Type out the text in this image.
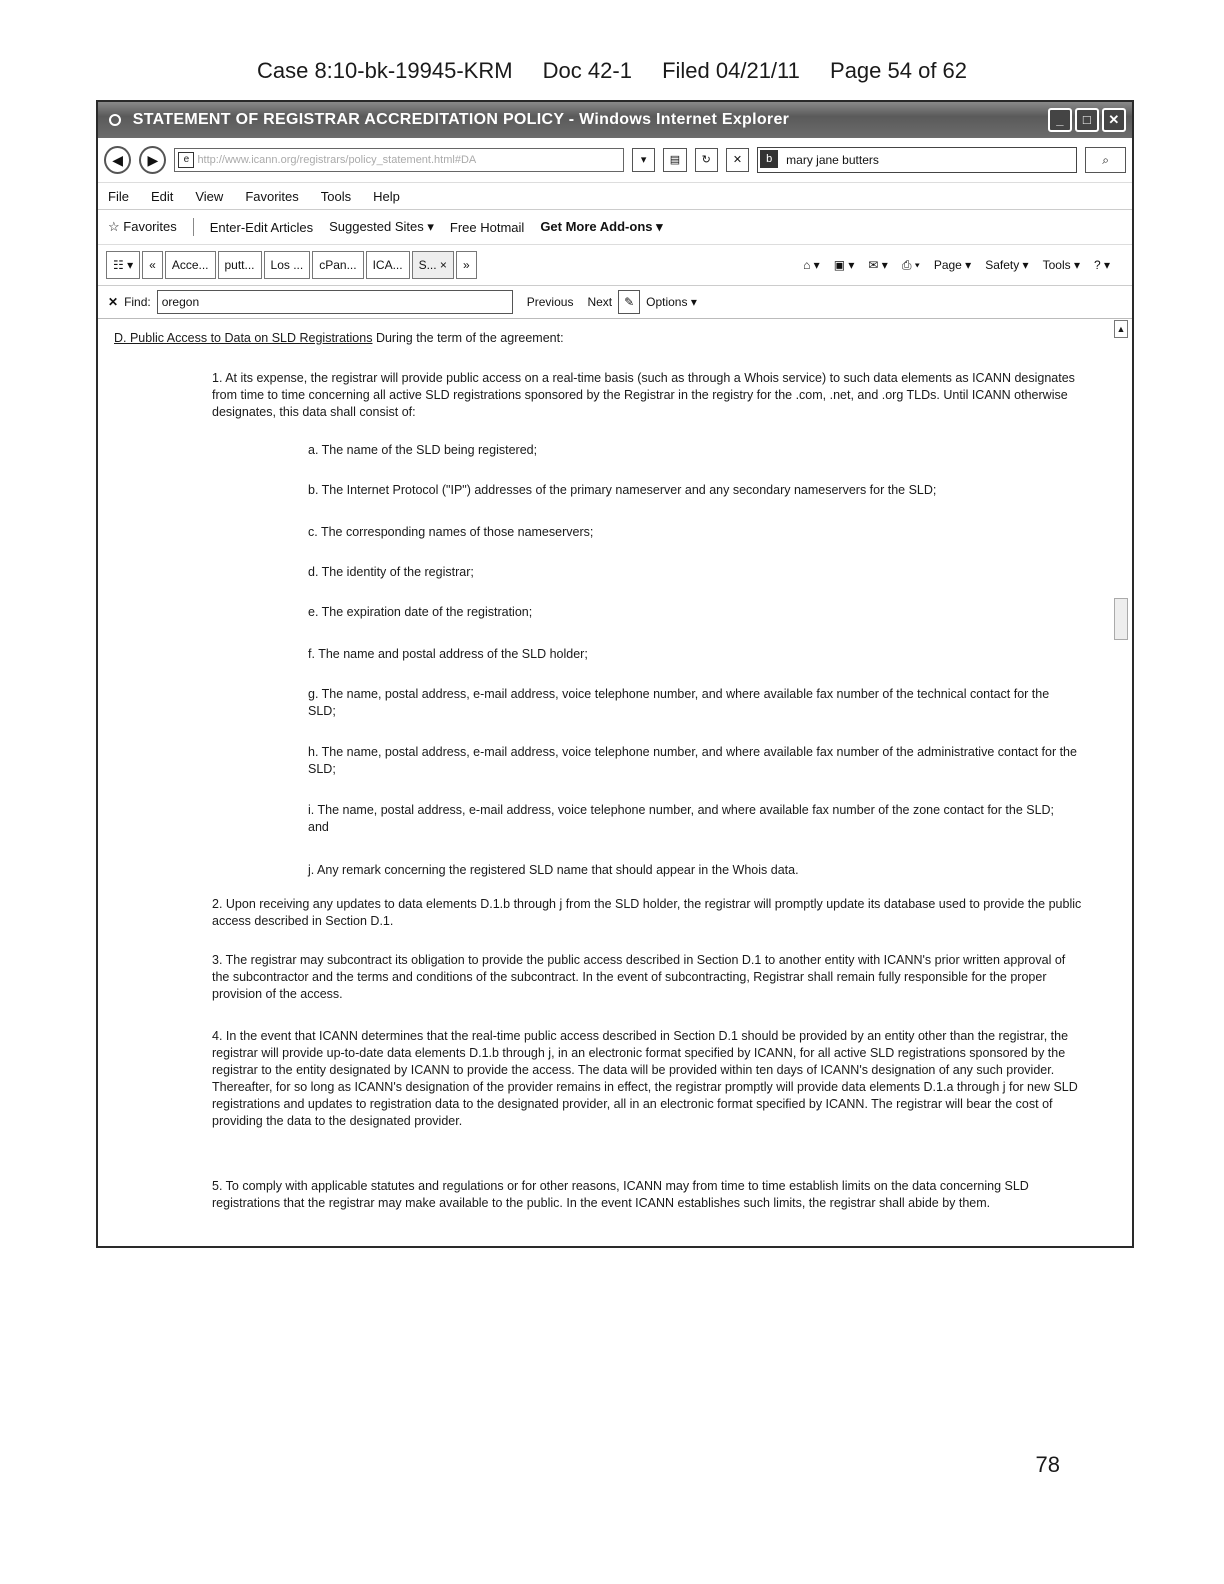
Case 8:10-bk-19945-KRM Doc 42-1 Filed 04/21/11 Page 54 of 62
STATEMENT OF REGISTRAR ACCREDITATION POLICY - Windows Internet Explorer	_	□	✕
◀	▶	e http://www.icann.org/registrars/policy_statement.html#DA	▾	▤	↻	✕	b	mary jane butters	⌕
File Edit View Favorites Tools Help
☆ Favorites	Enter-Edit Articles Suggested Sites ▾ Free Hotmail Get More Add-ons ▾
☷ ▾	«	Acce...	putt...	Los ...	cPan...	ICA...	S... ×	»	⌂ ▾ ▣ ▾ ✉ ▾ ⎙ ▾ Page ▾ Safety ▾ Tools ▾ ? ▾
✕ Find: oregon	Previous Next ✎ Options ▾
▲
D. Public Access to Data on SLD Registrations During the term of the agreement:
1. At its expense, the registrar will provide public access on a real-time basis (such as through a Whois service) to such data elements as ICANN designates from time to time concerning all active SLD registrations sponsored by the Registrar in the registry for the .com, .net, and .org TLDs. Until ICANN otherwise designates, this data shall consist of:
a. The name of the SLD being registered;
b. The Internet Protocol ("IP") addresses of the primary nameserver and any secondary nameservers for the SLD;
c. The corresponding names of those nameservers;
d. The identity of the registrar;
e. The expiration date of the registration;
f. The name and postal address of the SLD holder;
g. The name, postal address, e-mail address, voice telephone number, and where available fax number of the technical contact for the SLD;
h. The name, postal address, e-mail address, voice telephone number, and where available fax number of the administrative contact for the SLD;
i. The name, postal address, e-mail address, voice telephone number, and where available fax number of the zone contact for the SLD; and
j. Any remark concerning the registered SLD name that should appear in the Whois data.
2. Upon receiving any updates to data elements D.1.b through j from the SLD holder, the registrar will promptly update its database used to provide the public access described in Section D.1.
3. The registrar may subcontract its obligation to provide the public access described in Section D.1 to another entity with ICANN's prior written approval of the subcontractor and the terms and conditions of the subcontract. In the event of subcontracting, Registrar shall remain fully responsible for the proper provision of the access.
4. In the event that ICANN determines that the real-time public access described in Section D.1 should be provided by an entity other than the registrar, the registrar will provide up-to-date data elements D.1.b through j, in an electronic format specified by ICANN, for all active SLD registrations sponsored by the registrar to the entity designated by ICANN to provide the access. The data will be provided within ten days of ICANN's designation of any such provider. Thereafter, for so long as ICANN's designation of the provider remains in effect, the registrar promptly will provide data elements D.1.a through j for new SLD registrations and updates to registration data to the designated provider, all in an electronic format specified by ICANN. The registrar will bear the cost of providing the data to the designated provider.
5. To comply with applicable statutes and regulations or for other reasons, ICANN may from time to time establish limits on the data concerning SLD registrations that the registrar may make available to the public. In the event ICANN establishes such limits, the registrar shall abide by them.
78
